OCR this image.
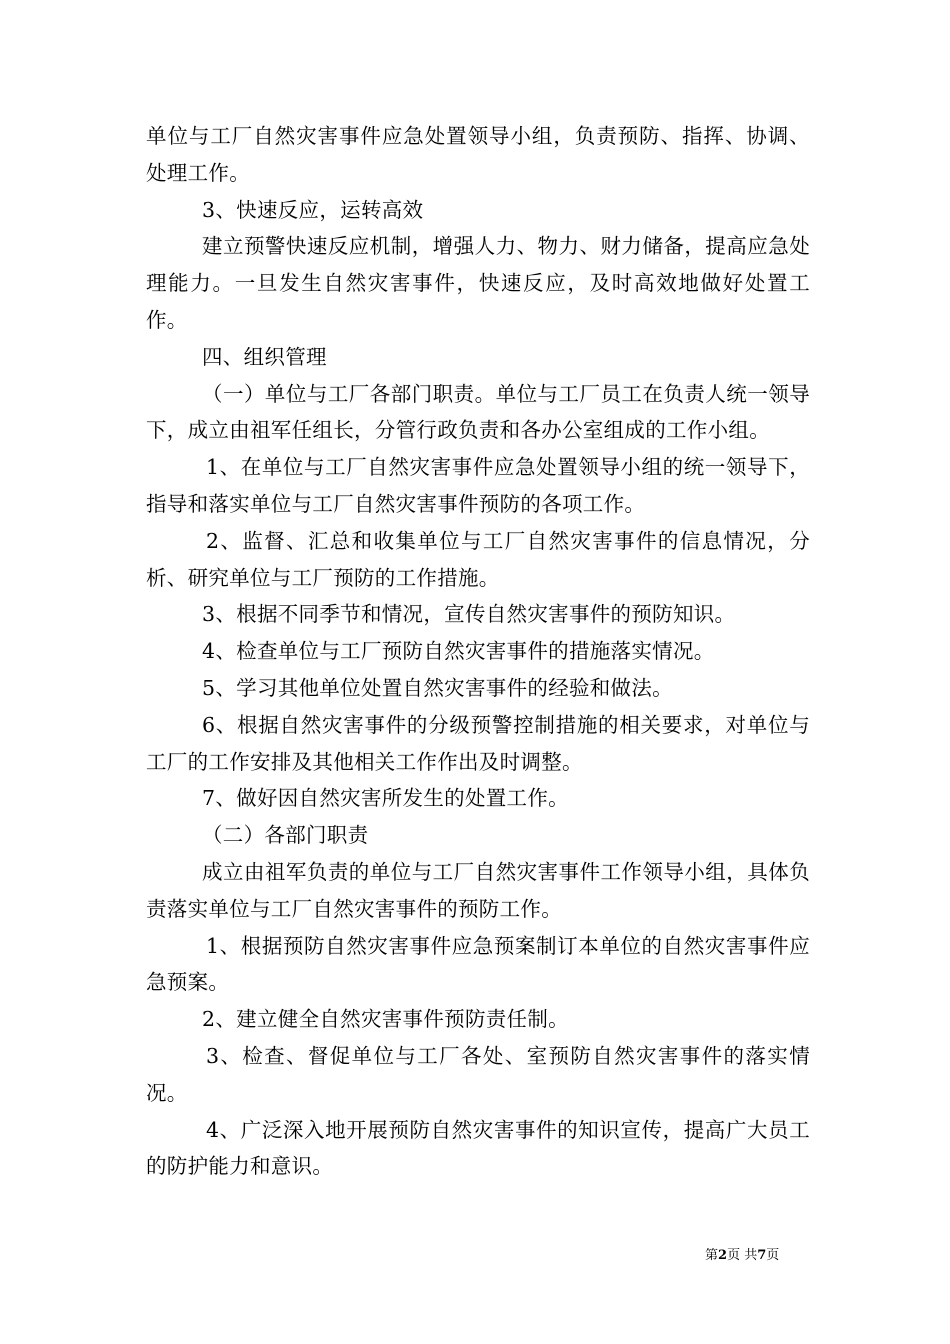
单位与工厂自然灾害事件应急处置领导小组，负责预防、指挥、协调、处理工作。

3、快速反应，运转高效

建立预警快速反应机制，增强人力、物力、财力储备，提高应急处理能力。一旦发生自然灾害事件，快速反应，及时高效地做好处置工作。

四、组织管理

（一）单位与工厂各部门职责。单位与工厂员工在负责人统一领导下，成立由祖军任组长，分管行政负责和各办公室组成的工作小组。

1、在单位与工厂自然灾害事件应急处置领导小组的统一领导下，指导和落实单位与工厂自然灾害事件预防的各项工作。

2、监督、汇总和收集单位与工厂自然灾害事件的信息情况，分析、研究单位与工厂预防的工作措施。

3、根据不同季节和情况，宣传自然灾害事件的预防知识。

4、检查单位与工厂预防自然灾害事件的措施落实情况。

5、学习其他单位处置自然灾害事件的经验和做法。

6、根据自然灾害事件的分级预警控制措施的相关要求，对单位与工厂的工作安排及其他相关工作作出及时调整。

7、做好因自然灾害所发生的处置工作。

（二）各部门职责

成立由祖军负责的单位与工厂自然灾害事件工作领导小组，具体负责落实单位与工厂自然灾害事件的预防工作。

1、根据预防自然灾害事件应急预案制订本单位的自然灾害事件应急预案。

2、建立健全自然灾害事件预防责任制。

3、检查、督促单位与工厂各处、室预防自然灾害事件的落实情况。

4、广泛深入地开展预防自然灾害事件的知识宣传，提高广大员工的防护能力和意识。

第2页 共7页
